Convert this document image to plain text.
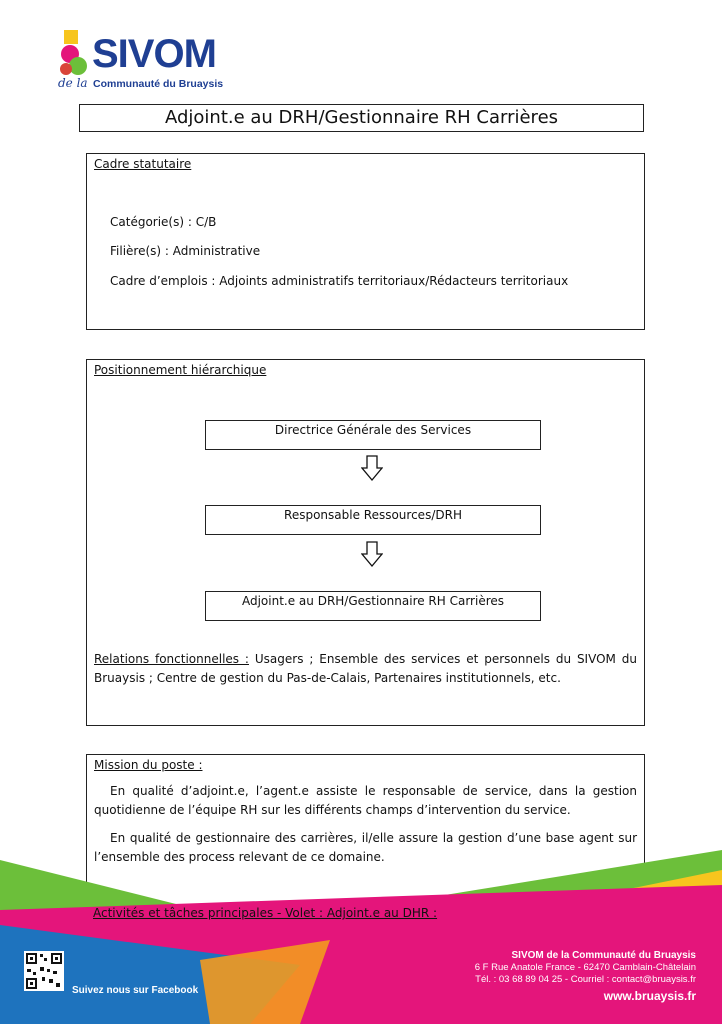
SIVOM
de la Communauté du Bruaysis
Adjoint.e au DRH/Gestionnaire RH Carrières
Cadre statutaire
Catégorie(s) : C/B
Filière(s) : Administrative
Cadre d’emplois : Adjoints administratifs territoriaux/Rédacteurs territoriaux
Positionnement hiérarchique
Directrice Générale des Services
Responsable Ressources/DRH
Adjoint.e au DRH/Gestionnaire RH Carrières
Relations fonctionnelles : Usagers ; Ensemble des services et personnels du SIVOM du Bruaysis ; Centre de gestion du Pas-de-Calais, Partenaires institutionnels, etc.
Mission du poste :
En qualité d’adjoint.e, l’agent.e assiste le responsable de service, dans la gestion quotidienne de l’équipe RH sur les différents champs d’intervention du service.
En qualité de gestionnaire des carrières, il/elle assure la gestion d’une base agent sur l’ensemble des process relevant de ce domaine.
Activités et tâches principales - Volet : Adjoint.e au DHR :
Suivez nous sur Facebook
SIVOM de la Communauté du Bruaysis
6 F Rue Anatole France - 62470 Camblain-Châtelain
Tél. : 03 68 89 04 25 - Courriel : contact@bruaysis.fr
www.bruaysis.fr
